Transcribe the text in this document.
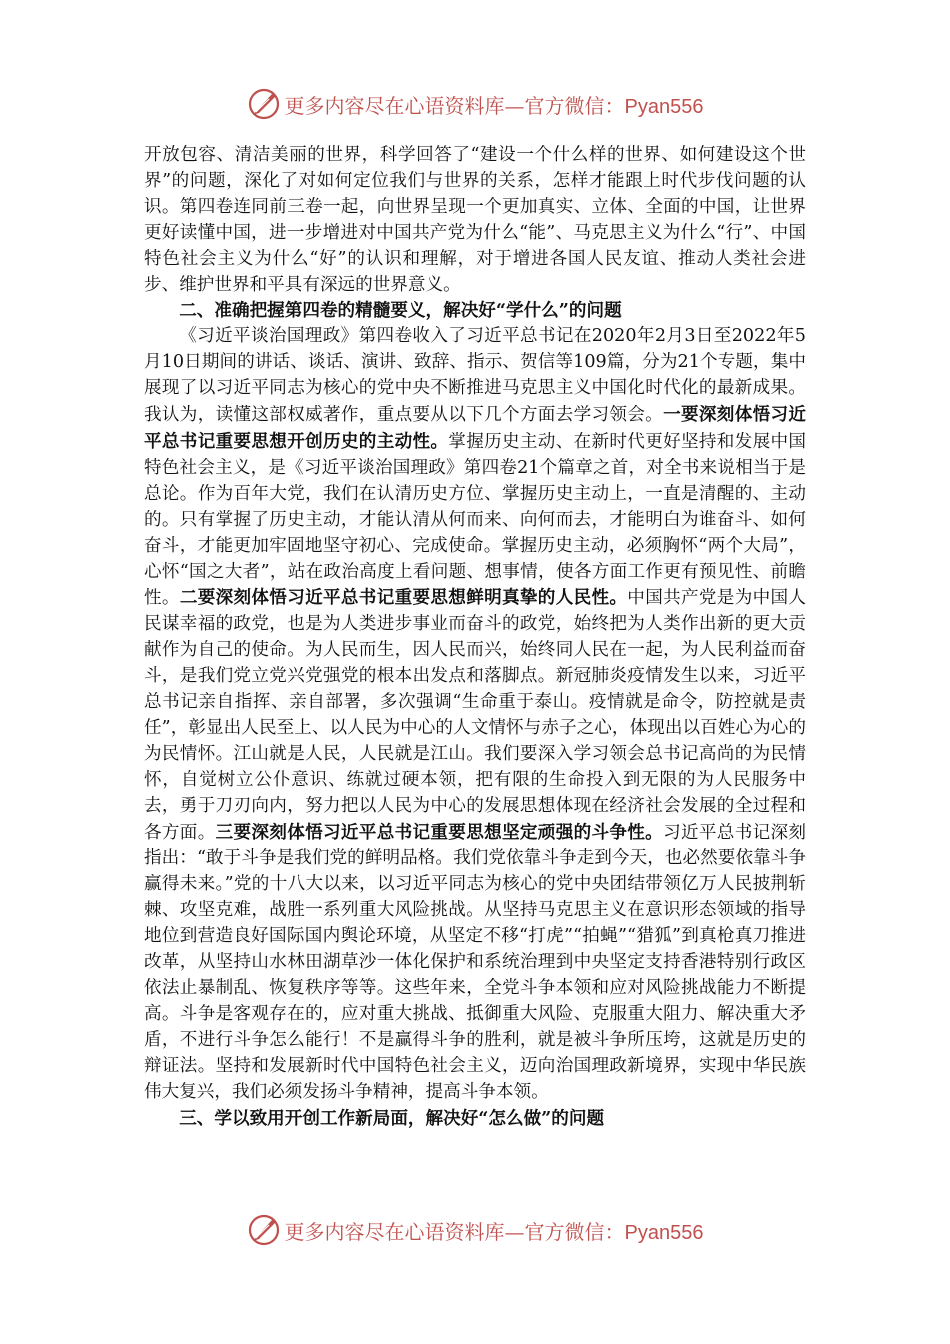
更多内容尽在心语资料库—官方微信：Pyan556

开放包容、清洁美丽的世界，科学回答了“建设一个什么样的世界、如何建设这个世界”的问题，深化了对如何定位我们与世界的关系，怎样才能跟上时代步伐问题的认识。第四卷连同前三卷一起，向世界呈现一个更加真实、立体、全面的中国，让世界更好读懂中国，进一步增进对中国共产党为什么“能”、马克思主义为什么“行”、中国特色社会主义为什么“好”的认识和理解，对于增进各国人民友谊、推动人类社会进步、维护世界和平具有深远的世界意义。

二、准确把握第四卷的精髓要义，解决好“学什么”的问题

《习近平谈治国理政》第四卷收入了习近平总书记在2020年2月3日至2022年5月10日期间的讲话、谈话、演讲、致辞、指示、贺信等109篇，分为21个专题，集中展现了以习近平同志为核心的党中央不断推进马克思主义中国化时代化的最新成果。我认为，读懂这部权威著作，重点要从以下几个方面去学习领会。一要深刻体悟习近平总书记重要思想开创历史的主动性。掌握历史主动、在新时代更好坚持和发展中国特色社会主义，是《习近平谈治国理政》第四卷21个篇章之首，对全书来说相当于是总论。作为百年大党，我们在认清历史方位、掌握历史主动上，一直是清醒的、主动的。只有掌握了历史主动，才能认清从何而来、向何而去，才能明白为谁奋斗、如何奋斗，才能更加牢固地坚守初心、完成使命。掌握历史主动，必须胸怀“两个大局”，心怀“国之大者”，站在政治高度上看问题、想事情，使各方面工作更有预见性、前瞻性。二要深刻体悟习近平总书记重要思想鲜明真挚的人民性。中国共产党是为中国人民谋幸福的政党，也是为人类进步事业而奋斗的政党，始终把为人类作出新的更大贡献作为自己的使命。为人民而生，因人民而兴，始终同人民在一起，为人民利益而奋斗，是我们党立党兴党强党的根本出发点和落脚点。新冠肺炎疫情发生以来，习近平总书记亲自指挥、亲自部署，多次强调“生命重于泰山。疫情就是命令，防控就是责任”，彰显出人民至上、以人民为中心的人文情怀与赤子之心，体现出以百姓心为心的为民情怀。江山就是人民，人民就是江山。我们要深入学习领会总书记高尚的为民情怀，自觉树立公仆意识、练就过硬本领，把有限的生命投入到无限的为人民服务中去，勇于刀刃向内，努力把以人民为中心的发展思想体现在经济社会发展的全过程和各方面。三要深刻体悟习近平总书记重要思想坚定顽强的斗争性。习近平总书记深刻指出：“敢于斗争是我们党的鲜明品格。我们党依靠斗争走到今天，也必然要依靠斗争赢得未来。”党的十八大以来，以习近平同志为核心的党中央团结带领亿万人民披荆斩棘、攻坚克难，战胜一系列重大风险挑战。从坚持马克思主义在意识形态领域的指导地位到营造良好国际国内舆论环境，从坚定不移“打虎”“拍蝇”“猎狐”到真枪真刀推进改革，从坚持山水林田湖草沙一体化保护和系统治理到中央坚定支持香港特别行政区依法止暴制乱、恢复秩序等等。这些年来，全党斗争本领和应对风险挑战能力不断提高。斗争是客观存在的，应对重大挑战、抵御重大风险、克服重大阻力、解决重大矛盾，不进行斗争怎么能行！不是赢得斗争的胜利，就是被斗争所压垮，这就是历史的辩证法。坚持和发展新时代中国特色社会主义，迈向治国理政新境界，实现中华民族伟大复兴，我们必须发扬斗争精神，提高斗争本领。

三、学以致用开创工作新局面，解决好“怎么做”的问题

更多内容尽在心语资料库—官方微信：Pyan556
